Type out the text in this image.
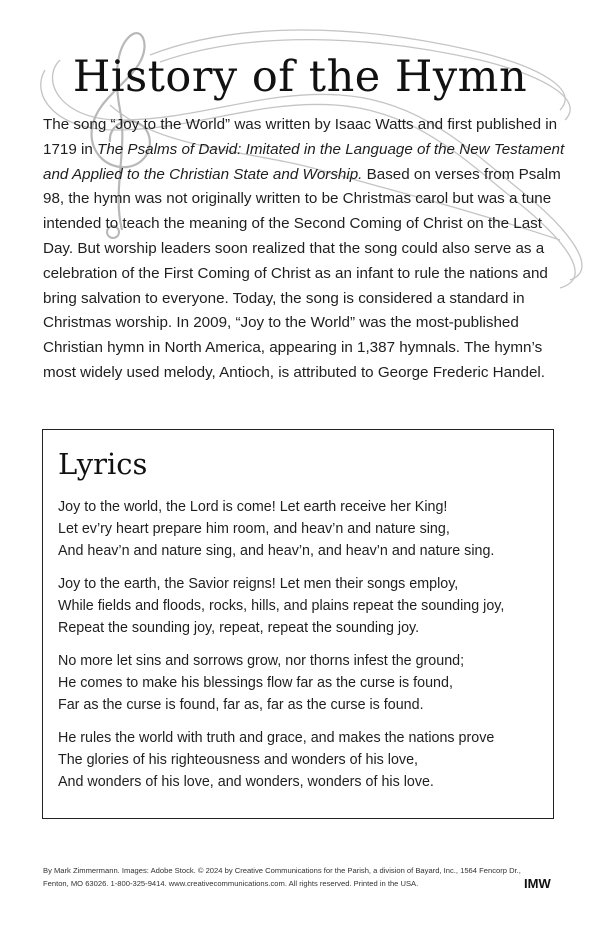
History of the Hymn

The song “Joy to the World” was written by Isaac Watts and first published in 1719 in The Psalms of David: Imitated in the Language of the New Testament and Applied to the Christian State and Worship. Based on verses from Psalm 98, the hymn was not originally written to be Christmas carol but was a tune intended to teach the meaning of the Second Coming of Christ on the Last Day. But worship leaders soon realized that the song could also serve as a celebration of the First Coming of Christ as an infant to rule the nations and bring salvation to everyone. Today, the song is considered a standard in Christmas worship. In 2009, “Joy to the World” was the most-published Christian hymn in North America, appearing in 1,387 hymnals. The hymn’s most widely used melody, Antioch, is attributed to George Frederic Handel.

Lyrics
Joy to the world, the Lord is come! Let earth receive her King!
Let ev’ry heart prepare him room, and heav’n and nature sing,
And heav’n and nature sing, and heav’n, and heav’n and nature sing.
Joy to the earth, the Savior reigns! Let men their songs employ,
While fields and floods, rocks, hills, and plains repeat the sounding joy,
Repeat the sounding joy, repeat, repeat the sounding joy.
No more let sins and sorrows grow, nor thorns infest the ground;
He comes to make his blessings flow far as the curse is found,
Far as the curse is found, far as, far as the curse is found.
He rules the world with truth and grace, and makes the nations prove
The glories of his righteousness and wonders of his love,
And wonders of his love, and wonders, wonders of his love.

By Mark Zimmermann. Images: Adobe Stock. © 2024 by Creative Communications for the Parish, a division of Bayard, Inc., 1564 Fencorp Dr., Fenton, MO 63026. 1-800-325-9414. www.creativecommunications.com. All rights reserved. Printed in the USA.	IMW
